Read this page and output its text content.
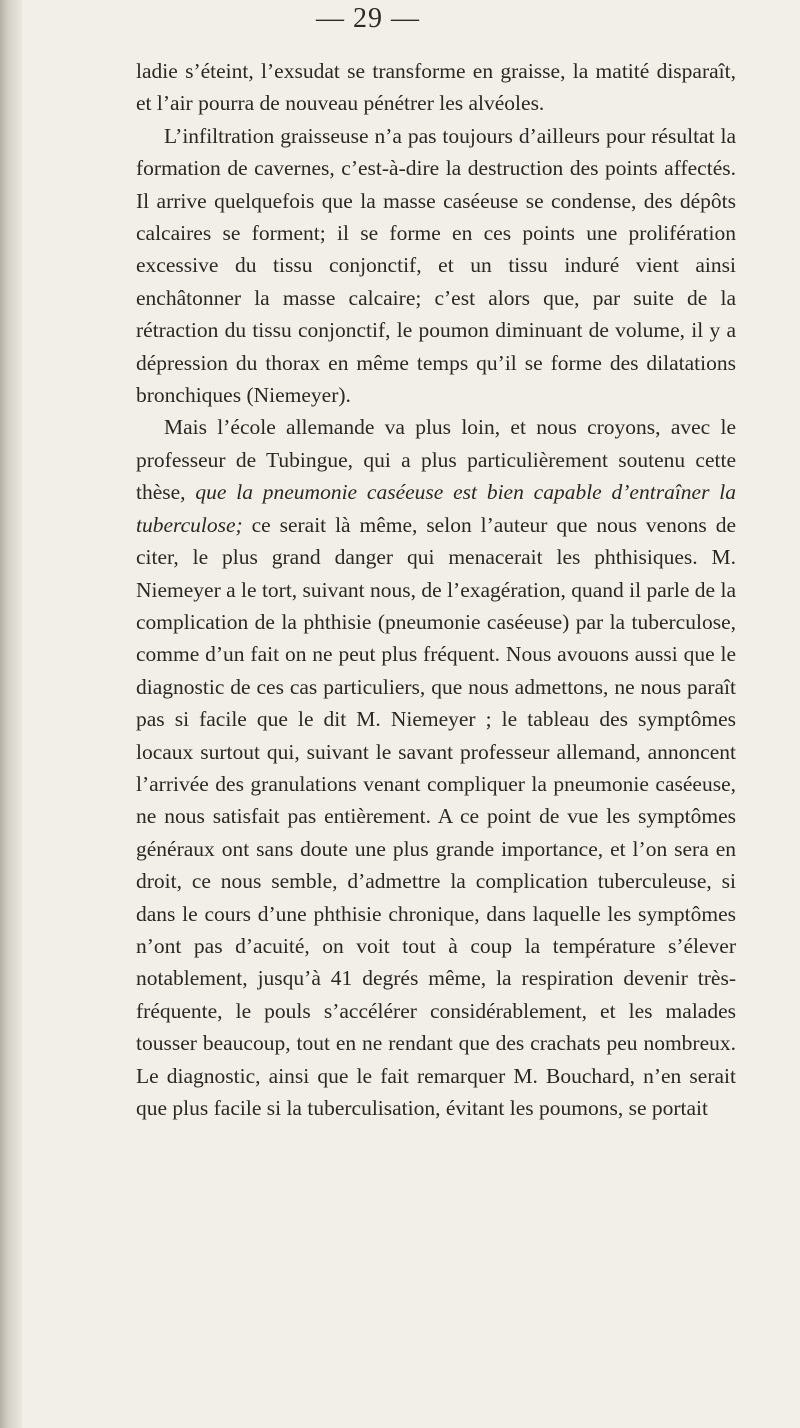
— 29 —

ladie s’éteint, l’exsudat se transforme en graisse, la matité disparaît, et l’air pourra de nouveau pénétrer les alvéoles.

L’infiltration graisseuse n’a pas toujours d’ailleurs pour résultat la formation de cavernes, c’est-à-dire la destruction des points affectés. Il arrive quelquefois que la masse caséeuse se condense, des dépôts calcaires se forment; il se forme en ces points une prolifération excessive du tissu conjonctif, et un tissu induré vient ainsi enchâtonner la masse calcaire; c’est alors que, par suite de la rétraction du tissu conjonctif, le poumon diminuant de volume, il y a dépression du thorax en même temps qu’il se forme des dilatations bronchiques (Niemeyer).

Mais l’école allemande va plus loin, et nous croyons, avec le professeur de Tubingue, qui a plus particulièrement soutenu cette thèse, que la pneumonie caséeuse est bien capable d’entraîner la tuberculose; ce serait là même, selon l’auteur que nous venons de citer, le plus grand danger qui menacerait les phthisiques. M. Niemeyer a le tort, suivant nous, de l’exagération, quand il parle de la complication de la phthisie (pneumonie caséeuse) par la tuberculose, comme d’un fait on ne peut plus fréquent. Nous avouons aussi que le diagnostic de ces cas particuliers, que nous admettons, ne nous paraît pas si facile que le dit M. Niemeyer ; le tableau des symptômes locaux surtout qui, suivant le savant professeur allemand, annoncent l’arrivée des granulations venant compliquer la pneumonie caséeuse, ne nous satisfait pas entièrement. A ce point de vue les symptômes généraux ont sans doute une plus grande importance, et l’on sera en droit, ce nous semble, d’admettre la complication tuberculeuse, si dans le cours d’une phthisie chronique, dans laquelle les symptômes n’ont pas d’acuité, on voit tout à coup la température s’élever notablement, jusqu’à 41 degrés même, la respiration devenir très-fréquente, le pouls s’accélérer considérablement, et les malades tousser beaucoup, tout en ne rendant que des crachats peu nombreux. Le diagnostic, ainsi que le fait remarquer M. Bouchard, n’en serait que plus facile si la tuberculisation, évitant les poumons, se portait
